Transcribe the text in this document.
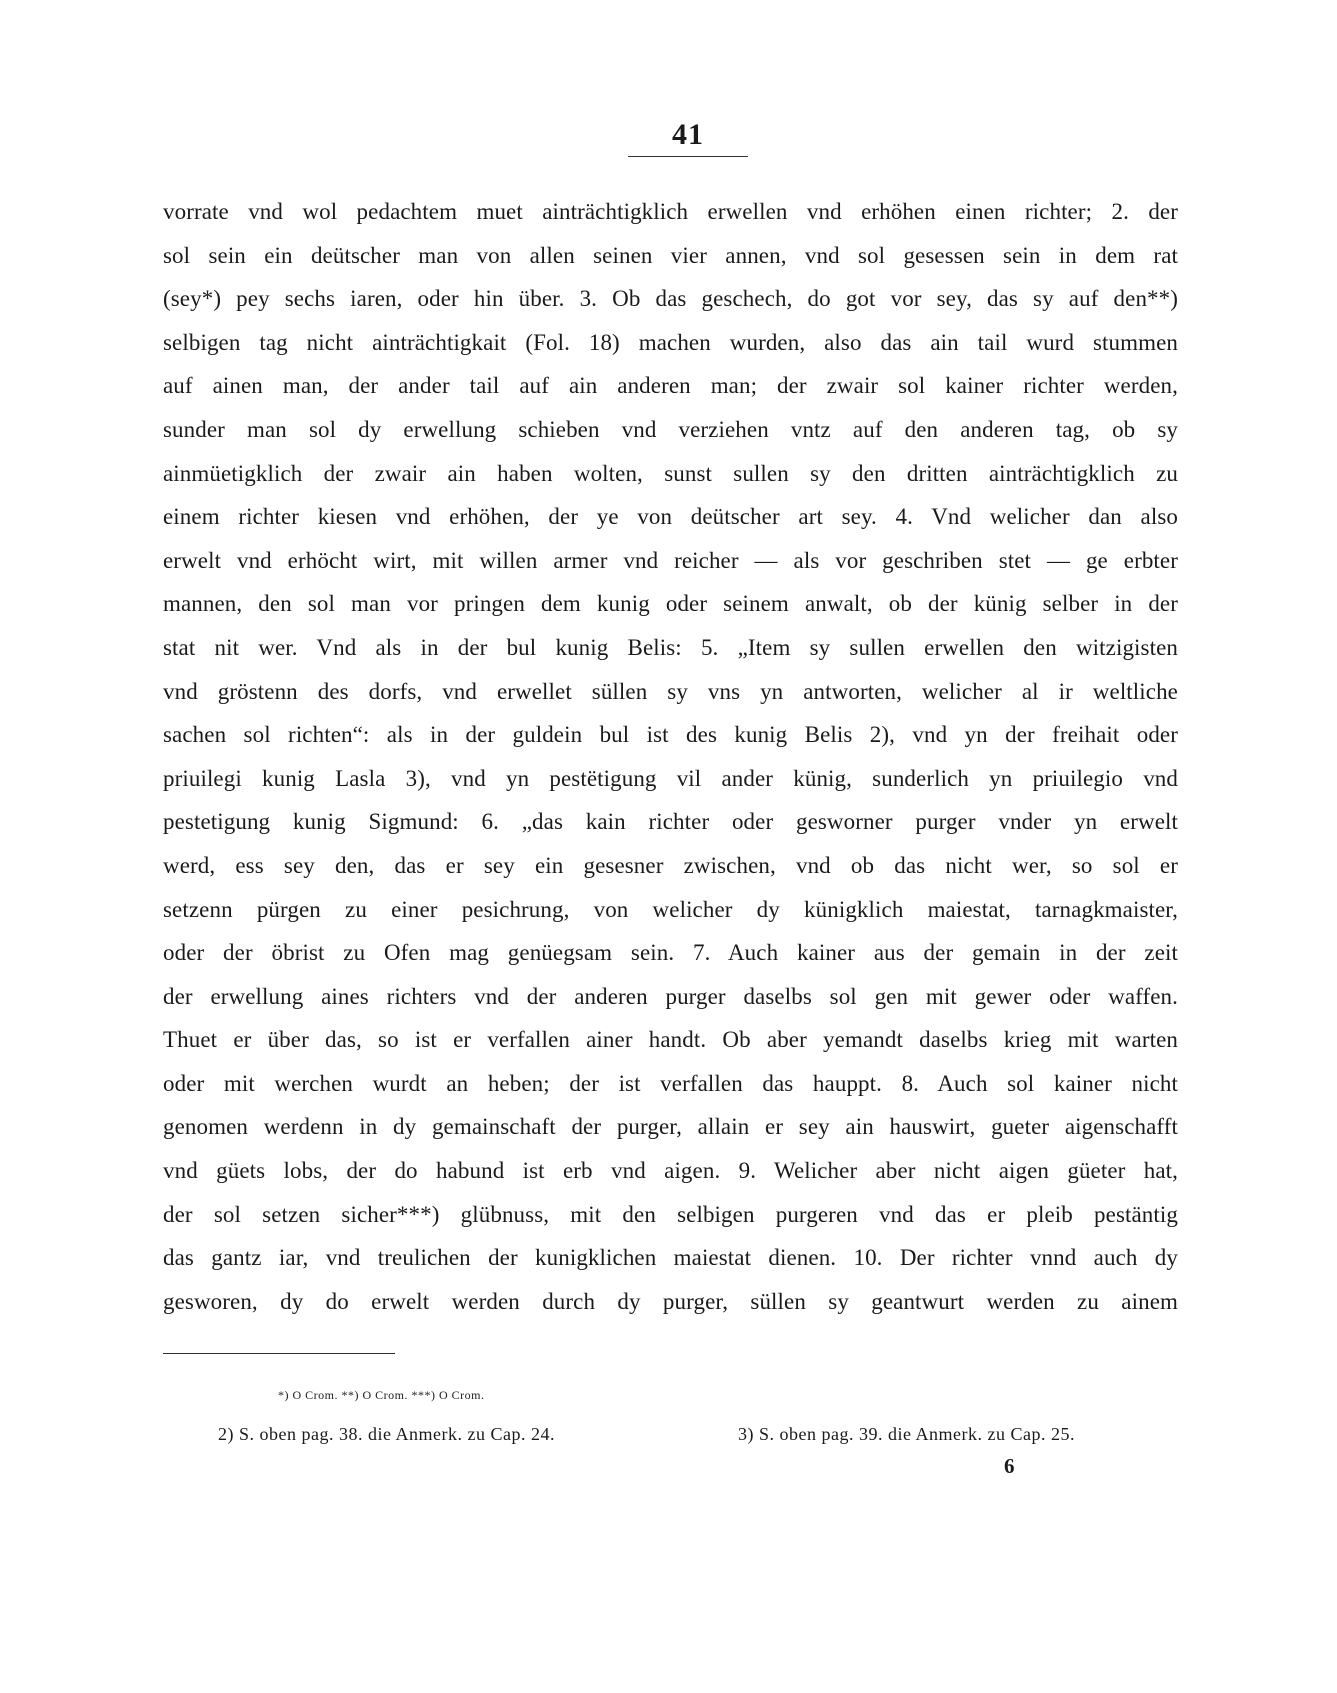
41
vorrate vnd wol pedachtem muet ainträchtigklich erwellen vnd erhöhen einen richter; 2. der
sol sein ein deütscher man von allen seinen vier annen, vnd sol gesessen sein in dem rat
(sey*) pey sechs iaren, oder hin über. 3. Ob das geschech, do got vor sey, das sy auf den**)
selbigen tag nicht ainträchtigkait (Fol. 18) machen wurden, also das ain tail wurd stummen
auf ainen man, der ander tail auf ain anderen man; der zwair sol kainer richter werden,
sunder man sol dy erwellung schieben vnd verziehen vntz auf den anderen tag, ob sy
ainmüetigklich der zwair ain haben wolten, sunst sullen sy den dritten ainträchtigklich zu
einem richter kiesen vnd erhöhen, der ye von deütscher art sey. 4. Vnd welicher dan also
erwelt vnd erhöcht wirt, mit willen armer vnd reicher — als vor geschriben stet — ge erbter
mannen, den sol man vor pringen dem kunig oder seinem anwalt, ob der künig selber in der
stat nit wer. Vnd als in der bul kunig Belis: 5. „Item sy sullen erwellen den witzigisten
vnd gröstenn des dorfs, vnd erwellet süllen sy vns yn antworten, welicher al ir weltliche
sachen sol richten“: als in der guldein bul ist des kunig Belis 2), vnd yn der freihait oder
priuilegi kunig Lasla 3), vnd yn pestëtigung vil ander künig, sunderlich yn priuilegio vnd
pestetigung kunig Sigmund: 6. „das kain richter oder gesworner purger vnder yn erwelt
werd, ess sey den, das er sey ein gesesner zwischen, vnd ob das nicht wer, so sol er
setzenn pürgen zu einer pesichrung, von welicher dy künigklich maiestat, tarnagkmaister,
oder der öbrist zu Ofen mag genüegsam sein. 7. Auch kainer aus der gemain in der zeit
der erwellung aines richters vnd der anderen purger daselbs sol gen mit gewer oder waffen.
Thuet er über das, so ist er verfallen ainer handt. Ob aber yemandt daselbs krieg mit warten
oder mit werchen wurdt an heben; der ist verfallen das hauppt. 8. Auch sol kainer nicht
genomen werdenn in dy gemainschaft der purger, allain er sey ain hauswirt, gueter aigenschafft
vnd güets lobs, der do habund ist erb vnd aigen. 9. Welicher aber nicht aigen güeter hat,
der sol setzen sicher***) glübnuss, mit den selbigen purgeren vnd das er pleib pestäntig
das gantz iar, vnd treulichen der kunigklichen maiestat dienen. 10. Der richter vnnd auch dy
gesworen, dy do erwelt werden durch dy purger, süllen sy geantwurt werden zu ainem
*) O Crom. **) O Crom. ***) O Crom.
2) S. oben pag. 38. die Anmerk. zu Cap. 24.	3) S. oben pag. 39. die Anmerk. zu Cap. 25.
6
